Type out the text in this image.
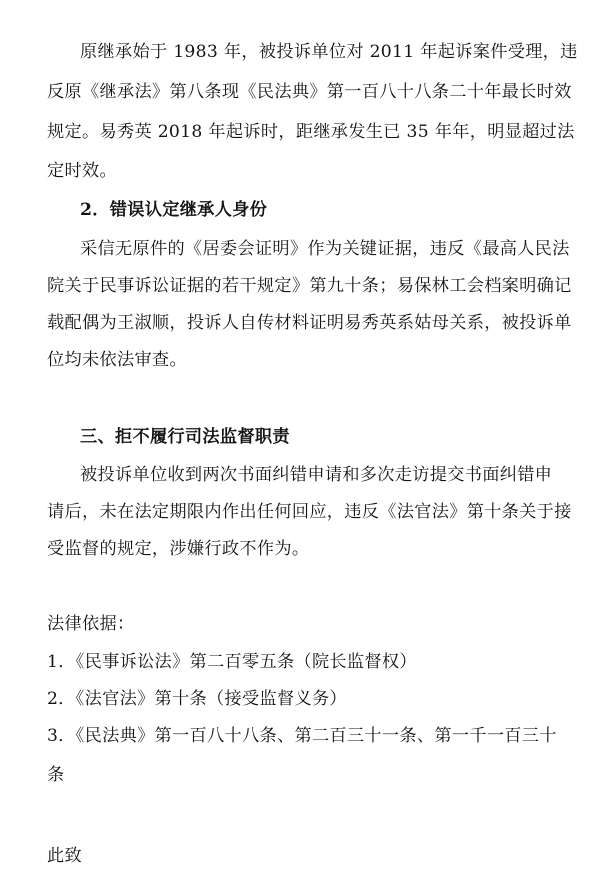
原继承始于 1983 年，被投诉单位对 2011 年起诉案件受理，违
反原《继承法》第八条现《民法典》第一百八十八条二十年最长时效
规定。易秀英 2018 年起诉时，距继承发生已 35 年年，明显超过法
定时效。
2．错误认定继承人身份
采信无原件的《居委会证明》作为关键证据，违反《最高人民法
院关于民事诉讼证据的若干规定》第九十条；易保林工会档案明确记
载配偶为王淑顺，投诉人自传材料证明易秀英系姑母关系，被投诉单
位均未依法审查。
三、拒不履行司法监督职责
被投诉单位收到两次书面纠错申请和多次走访提交书面纠错申
请后，未在法定期限内作出任何回应，违反《法官法》第十条关于接
受监督的规定，涉嫌行政不作为。
法律依据：
1．《民事诉讼法》第二百零五条（院长监督权）
2．《法官法》第十条（接受监督义务）
3．《民法典》第一百八十八条、第二百三十一条、第一千一百三十
条
此致
